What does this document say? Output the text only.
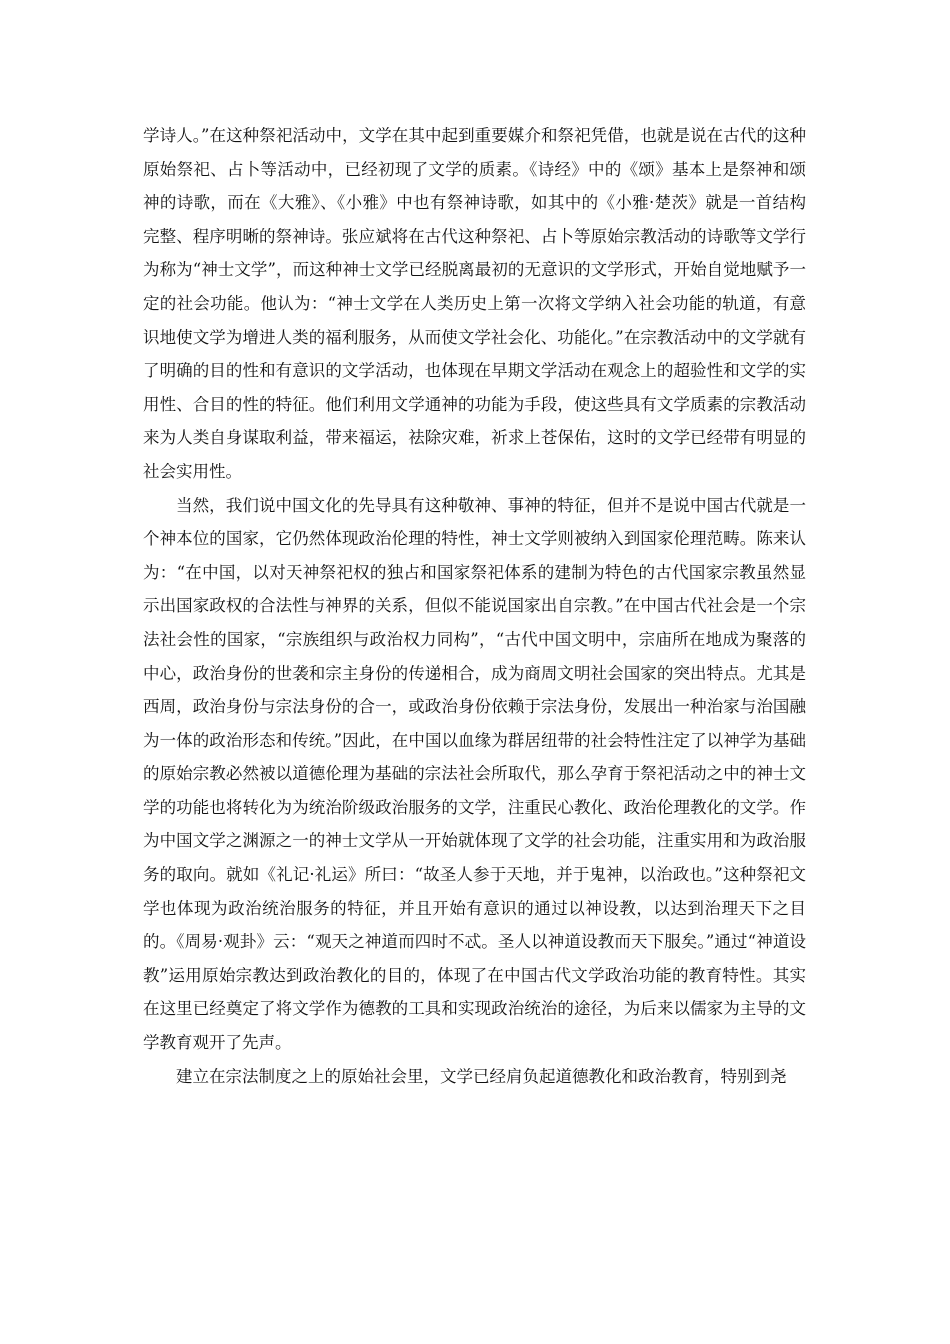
学诗人。”在这种祭祀活动中，文学在其中起到重要媒介和祭祀凭借，也就是说在古代的这种原始祭祀、占卜等活动中，已经初现了文学的质素。《诗经》中的《颂》基本上是祭神和颂神的诗歌，而在《大雅》、《小雅》中也有祭神诗歌，如其中的《小雅·楚茨》就是一首结构完整、程序明晰的祭神诗。张应斌将在古代这种祭祀、占卜等原始宗教活动的诗歌等文学行为称为“神士文学”，而这种神士文学已经脱离最初的无意识的文学形式，开始自觉地赋予一定的社会功能。他认为：“神士文学在人类历史上第一次将文学纳入社会功能的轨道，有意识地使文学为增进人类的福利服务，从而使文学社会化、功能化。”在宗教活动中的文学就有了明确的目的性和有意识的文学活动，也体现在早期文学活动在观念上的超验性和文学的实用性、合目的性的特征。他们利用文学通神的功能为手段，使这些具有文学质素的宗教活动来为人类自身谋取利益，带来福运，祛除灾难，祈求上苍保佑，这时的文学已经带有明显的社会实用性。

当然，我们说中国文化的先导具有这种敬神、事神的特征，但并不是说中国古代就是一个神本位的国家，它仍然体现政治伦理的特性，神士文学则被纳入到国家伦理范畴。陈来认为：“在中国，以对天神祭祀权的独占和国家祭祀体系的建制为特色的古代国家宗教虽然显示出国家政权的合法性与神界的关系，但似不能说国家出自宗教。”在中国古代社会是一个宗法社会性的国家，“宗族组织与政治权力同构”，“古代中国文明中，宗庙所在地成为聚落的中心，政治身份的世袭和宗主身份的传递相合，成为商周文明社会国家的突出特点。尤其是西周，政治身份与宗法身份的合一，或政治身份依赖于宗法身份，发展出一种治家与治国融为一体的政治形态和传统。”因此，在中国以血缘为群居纽带的社会特性注定了以神学为基础的原始宗教必然被以道德伦理为基础的宗法社会所取代，那么孕育于祭祀活动之中的神士文学的功能也将转化为为统治阶级政治服务的文学，注重民心教化、政治伦理教化的文学。作为中国文学之渊源之一的神士文学从一开始就体现了文学的社会功能，注重实用和为政治服务的取向。就如《礼记·礼运》所曰：“故圣人参于天地，并于鬼神，以治政也。”这种祭祀文学也体现为政治统治服务的特征，并且开始有意识的通过以神设教，以达到治理天下之目的。《周易·观卦》云：“观天之神道而四时不忒。圣人以神道设教而天下服矣。”通过“神道设教”运用原始宗教达到政治教化的目的，体现了在中国古代文学政治功能的教育特性。其实在这里已经奠定了将文学作为德教的工具和实现政治统治的途径，为后来以儒家为主导的文学教育观开了先声。

建立在宗法制度之上的原始社会里，文学已经肩负起道德教化和政治教育，特别到尧
